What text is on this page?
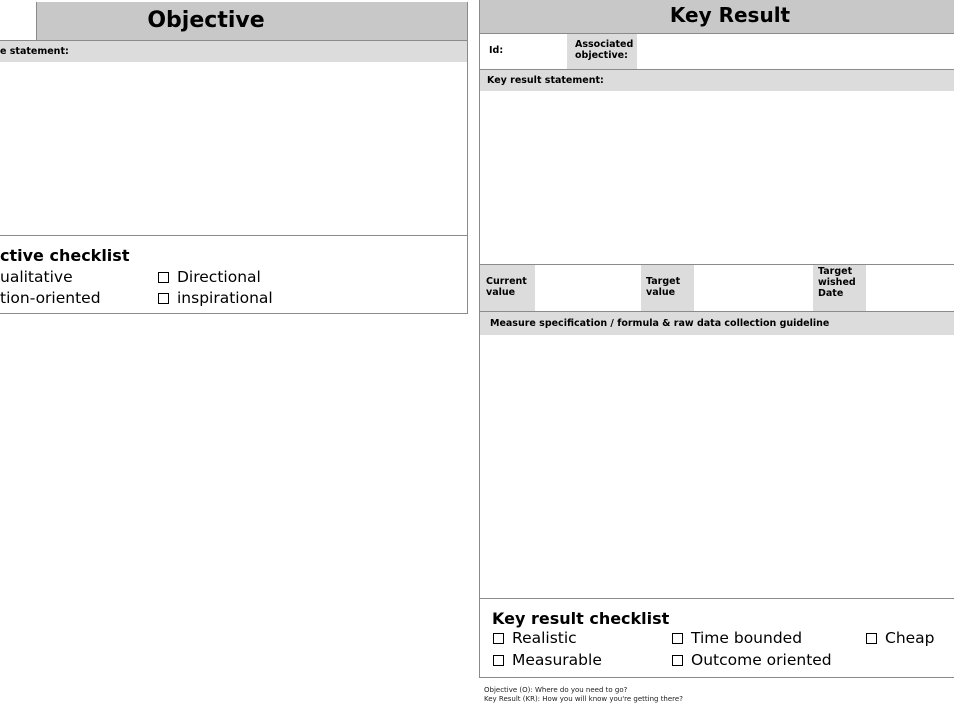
Objective
e statement:
ctive checklist
ualitative
tion-oriented
Directional
inspirational
Key Result
Id:
Associated objective:
Key result statement:
Current value
Target value
Target wished Date
Measure specification / formula & raw data collection guideline
Key result checklist
Realistic
Measurable
Time bounded
Outcome oriented
Cheap
Objective (O): Where do you need to go?
Key Result (KR): How you will know you're getting there?
